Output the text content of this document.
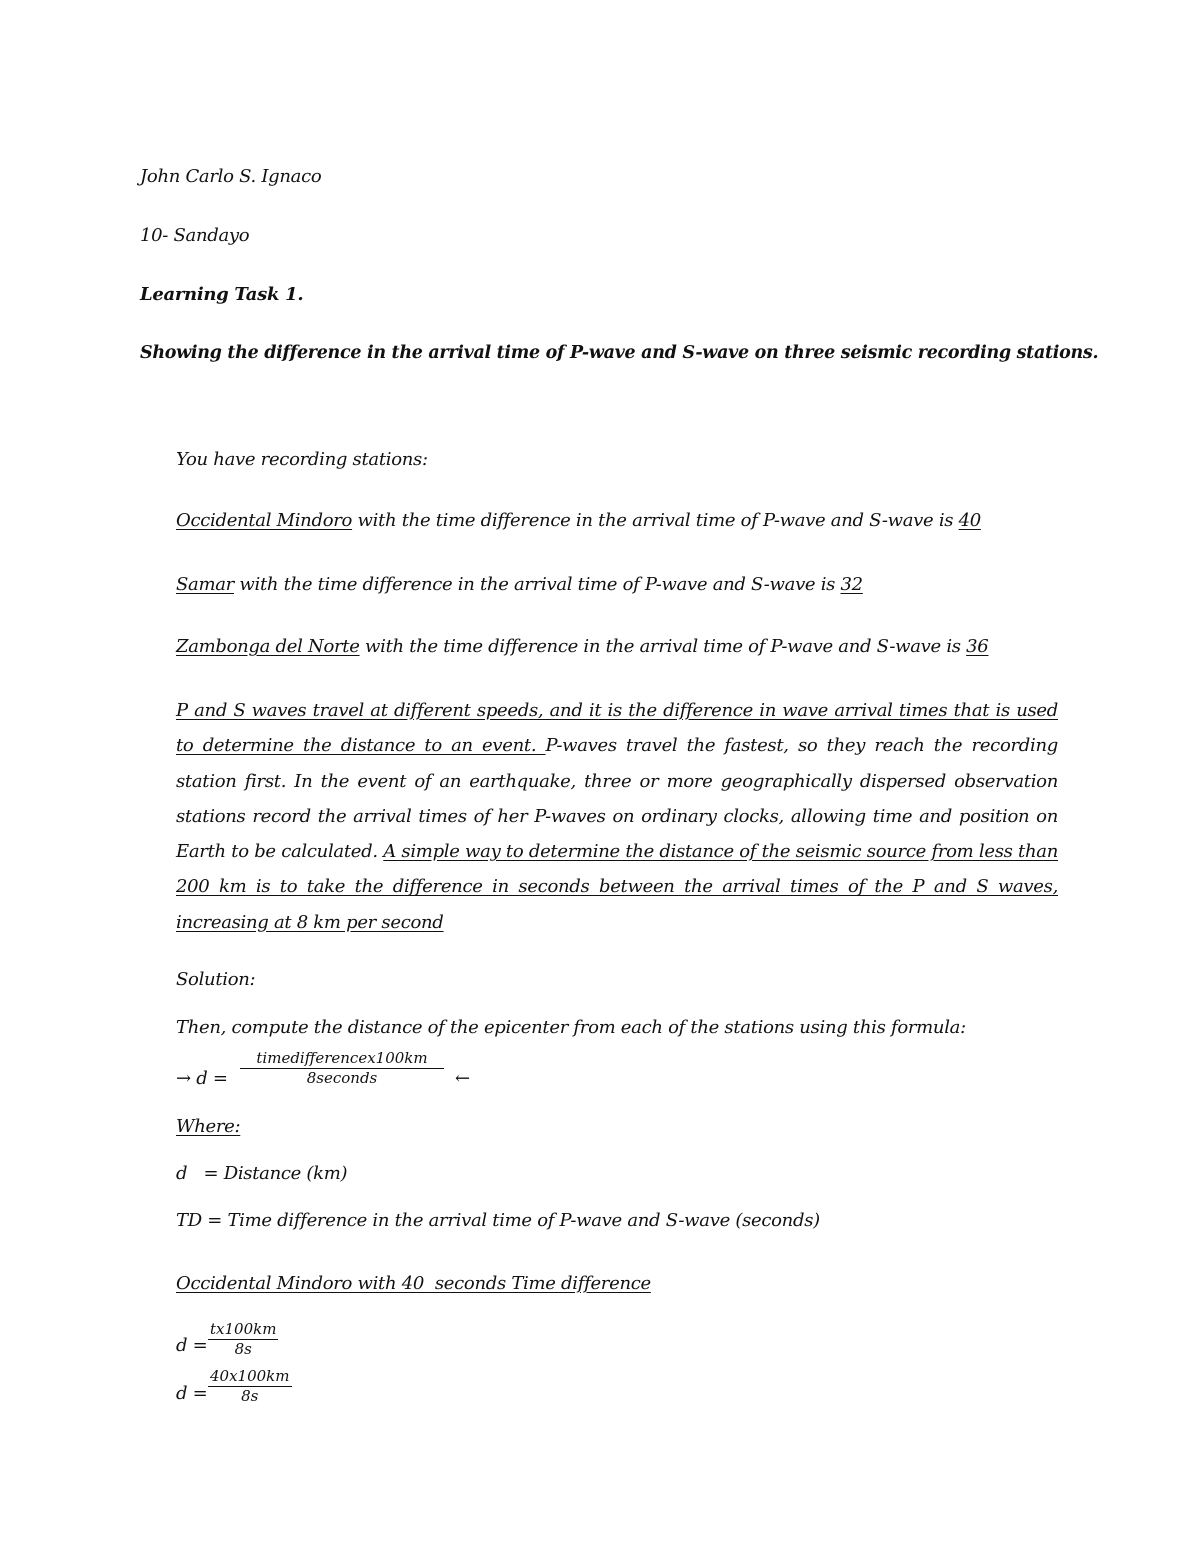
John Carlo S. Ignaco
10- Sandayo
Learning Task 1.
Showing the difference in the arrival time of P-wave and S-wave on three seismic recording stations.
You have recording stations:
Occidental Mindoro with the time difference in the arrival time of P-wave and S-wave is 40
Samar with the time difference in the arrival time of P-wave and S-wave is 32
Zambonga del Norte with the time difference in the arrival time of P-wave and S-wave is 36
P and S waves travel at different speeds, and it is the difference in wave arrival times that is used to determine the distance to an event. P-waves travel the fastest, so they reach the recording station first. In the event of an earthquake, three or more geographically dispersed observation stations record the arrival times of her P-waves on ordinary clocks, allowing time and position on Earth to be calculated. A simple way to determine the distance of the seismic source from less than 200 km is to take the difference in seconds between the arrival times of the P and S waves, increasing at 8 km per second
Solution:
Then, compute the distance of the epicenter from each of the stations using this formula:
→ d =
timedifferencex100km
8seconds	←
Where:
d   = Distance (km)
TD = Time difference in the arrival time of P-wave and S-wave (seconds)
Occidental Mindoro with 40  seconds Time difference
$d = \frac{tx100km}{8s}$
$d = \frac{40x100km}{8s}$
